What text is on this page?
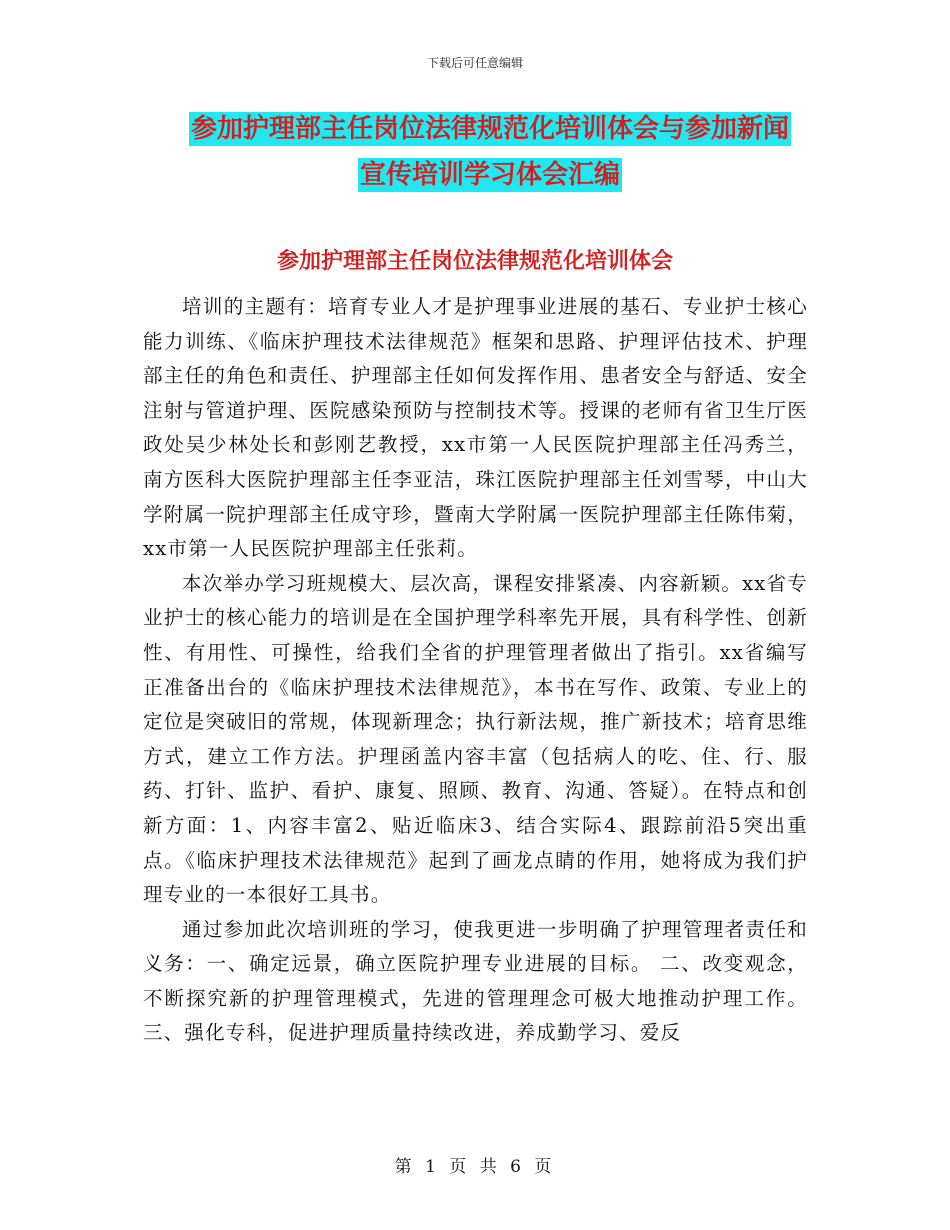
下载后可任意编辑
参加护理部主任岗位法律规范化培训体会与参加新闻
宣传培训学习体会汇编
参加护理部主任岗位法律规范化培训体会

培训的主题有：培育专业人才是护理事业进展的基石、专业护士核心能力训练、《临床护理技术法律规范》框架和思路、护理评估技术、护理部主任的角色和责任、护理部主任如何发挥作用、患者安全与舒适、安全注射与管道护理、医院感染预防与控制技术等。授课的老师有省卫生厅医政处吴少林处长和彭刚艺教授，xx市第一人民医院护理部主任冯秀兰，南方医科大医院护理部主任李亚洁，珠江医院护理部主任刘雪琴，中山大学附属一院护理部主任成守珍，暨南大学附属一医院护理部主任陈伟菊，xx市第一人民医院护理部主任张莉。

本次举办学习班规模大、层次高，课程安排紧凑、内容新颖。xx省专业护士的核心能力的培训是在全国护理学科率先开展，具有科学性、创新性、有用性、可操性，给我们全省的护理管理者做出了指引。xx省编写正准备出台的《临床护理技术法律规范》，本书在写作、政策、专业上的定位是突破旧的常规，体现新理念；执行新法规，推广新技术；培育思维方式，建立工作方法。护理函盖内容丰富（包括病人的吃、住、行、服药、打针、监护、看护、康复、照顾、教育、沟通、答疑）。在特点和创新方面：1、内容丰富2、贴近临床3、结合实际4、跟踪前沿5突出重点。《临床护理技术法律规范》起到了画龙点睛的作用，她将成为我们护理专业的一本很好工具书。

通过参加此次培训班的学习，使我更进一步明确了护理管理者责任和义务：一、确定远景，确立医院护理专业进展的目标。 二、改变观念，不断探究新的护理管理模式，先进的管理理念可极大地推动护理工作。三、强化专科，促进护理质量持续改进，养成勤学习、爱反

第 1 页 共 6 页
